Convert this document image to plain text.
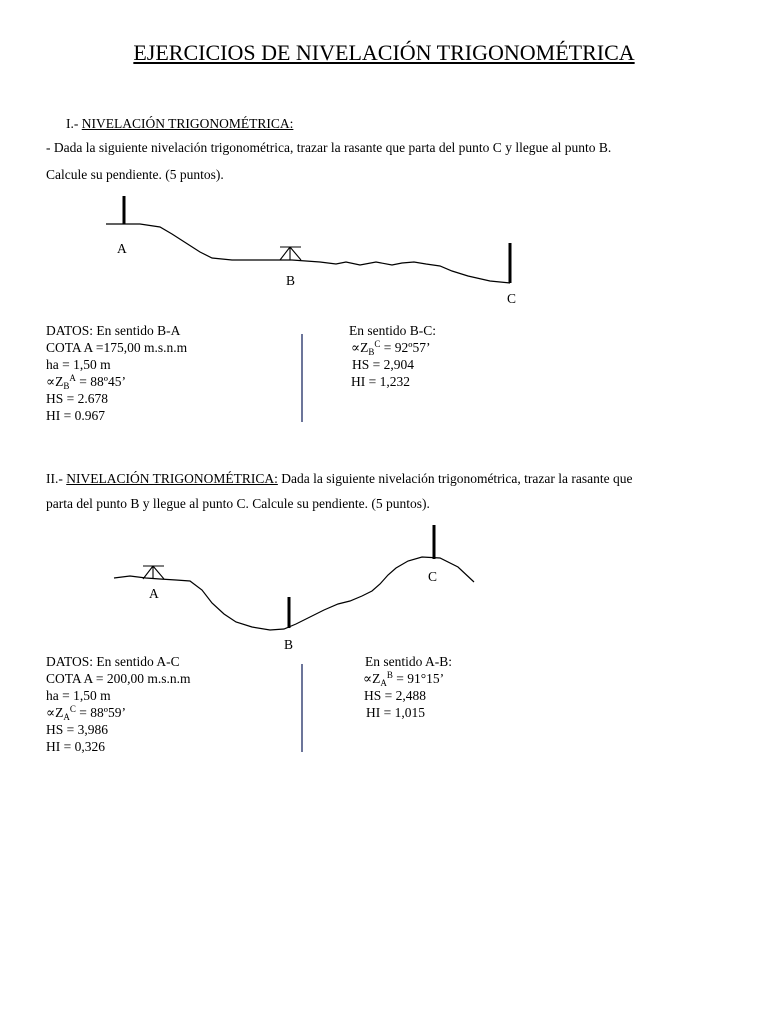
EJERCICIOS DE NIVELACIÓN TRIGONOMÉTRICA
I.- NIVELACIÓN TRIGONOMÉTRICA:
- Dada la siguiente nivelación trigonométrica, trazar la rasante que parta del punto C y llegue al punto B.
Calcule su pendiente. (5 puntos).
A
B
C
DATOS: En sentido B-A
COTA A =175,00 m.s.n.m
ha = 1,50 m
$\propto Z_B^A$ = 88º45’
HS = 2.678
HI = 0.967
En sentido B-C:
$\propto Z_B^C$ = 92º57’
HS = 2,904
HI = 1,232
II.- NIVELACIÓN TRIGONOMÉTRICA: Dada la siguiente nivelación trigonométrica, trazar la rasante que
parta del punto B y llegue al punto C. Calcule su pendiente. (5 puntos).
A
B
C
DATOS: En sentido A-C
COTA A = 200,00 m.s.n.m
ha = 1,50 m
$\propto Z_A^C$ = 88º59’
HS = 3,986
HI = 0,326
En sentido A-B:
$\propto Z_A^B = 91^\circ 15$’
HS = 2,488
HI = 1,015
